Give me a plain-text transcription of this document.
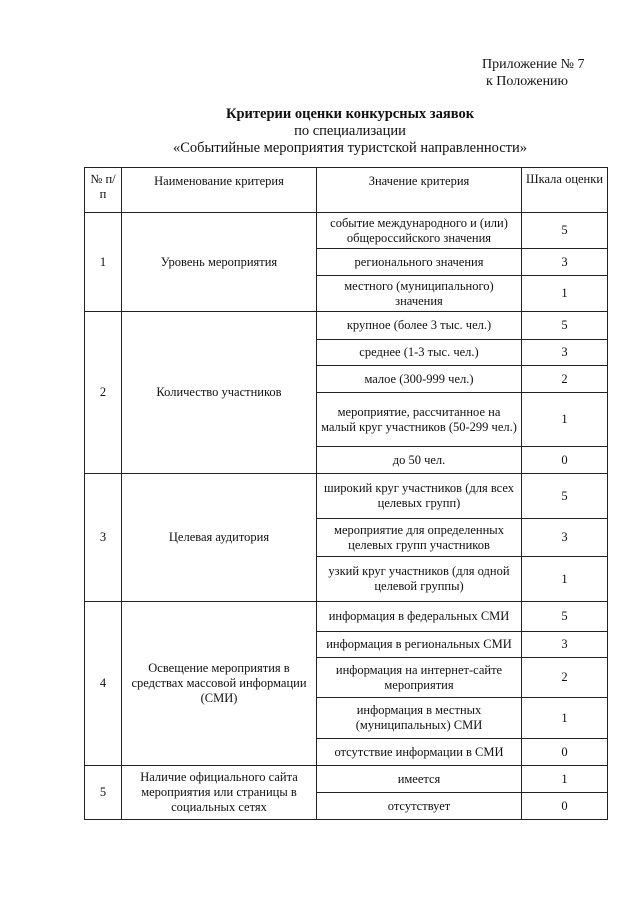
Приложение № 7
к Положению
Критерии оценки конкурсных заявок
по специализации
«Событийные мероприятия туристской направленности»
№ п/п	Наименование критерия	Значение критерия	Шкала оценки
1	Уровень мероприятия	событие международного и (или) общероссийского значения	5
		регионального значения	3
		местного (муниципального) значения	1
2	Количество участников	крупное (более 3 тыс. чел.)	5
		среднее (1-3 тыс. чел.)	3
		малое (300-999 чел.)	2
		мероприятие, рассчитанное на малый круг участников (50-299 чел.)	1
		до 50 чел.	0
3	Целевая аудитория	широкий круг участников (для всех целевых групп)	5
		мероприятие для определенных целевых групп участников	3
		узкий круг участников (для одной целевой группы)	1
4	Освещение мероприятия в средствах массовой информации (СМИ)	информация в федеральных СМИ	5
		информация в региональных СМИ	3
		информация на интернет-сайте мероприятия	2
		информация в местных (муниципальных) СМИ	1
		отсутствие информации в СМИ	0
5	Наличие официального сайта мероприятия или страницы в социальных сетях	имеется	1
		отсутствует	0
